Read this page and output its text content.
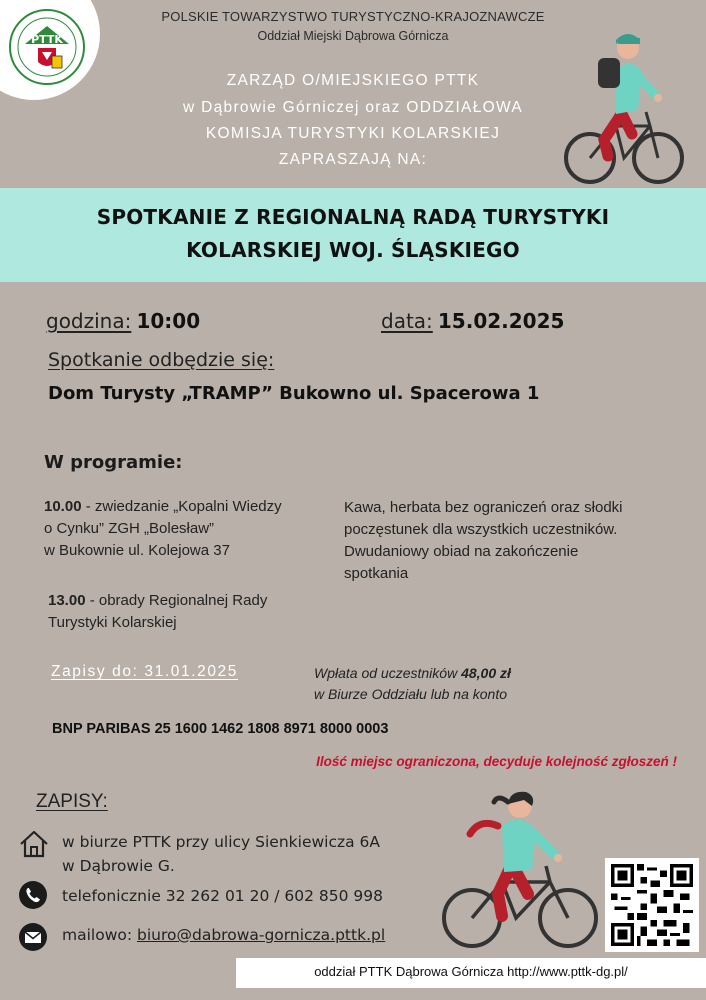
PTTK
POLSKIE TOWARZYSTWO TURYSTYCZNO-KRAJOZNAWCZE
Oddział Miejski Dąbrowa Górnicza
ZARZĄD O/MIEJSKIEGO PTTK
w Dąbrowie Górniczej oraz ODDZIAŁOWA
KOMISJA TURYSTYKI KOLARSKIEJ
ZAPRASZAJĄ NA:
SPOTKANIE Z REGIONALNĄ RADĄ TURYSTYKI
KOLARSKIEJ WOJ. ŚLĄSKIEGO
godzina: 10:00	data: 15.02.2025
Spotkanie odbędzie się:
Dom Turysty „TRAMP” Bukowno ul. Spacerowa 1
W programie:
10.00 - zwiedzanie „Kopalni Wiedzy
o Cynku” ZGH „Bolesław”
w Bukownie ul. Kolejowa 37
13.00 - obrady Regionalnej Rady
Turystyki Kolarskiej
Kawa, herbata bez ograniczeń oraz słodki
poczęstunek dla wszystkich uczestników.
Dwudaniowy obiad na zakończenie
spotkania
Zapisy do: 31.01.2025	Wpłata od uczestników 48,00 zł
w Biurze Oddziału lub na konto
BNP PARIBAS 25 1600 1462 1808 8971 8000 0003
Ilość miejsc ograniczona, decyduje kolejność zgłoszeń !
ZAPISY:
w biurze PTTK przy ulicy Sienkiewicza 6A
w Dąbrowie G.
telefonicznie 32 262 01 20 / 602 850 998
mailowo: biuro@dabrowa-gornicza.pttk.pl
oddział PTTK Dąbrowa Górnicza http://www.pttk-dg.pl/
